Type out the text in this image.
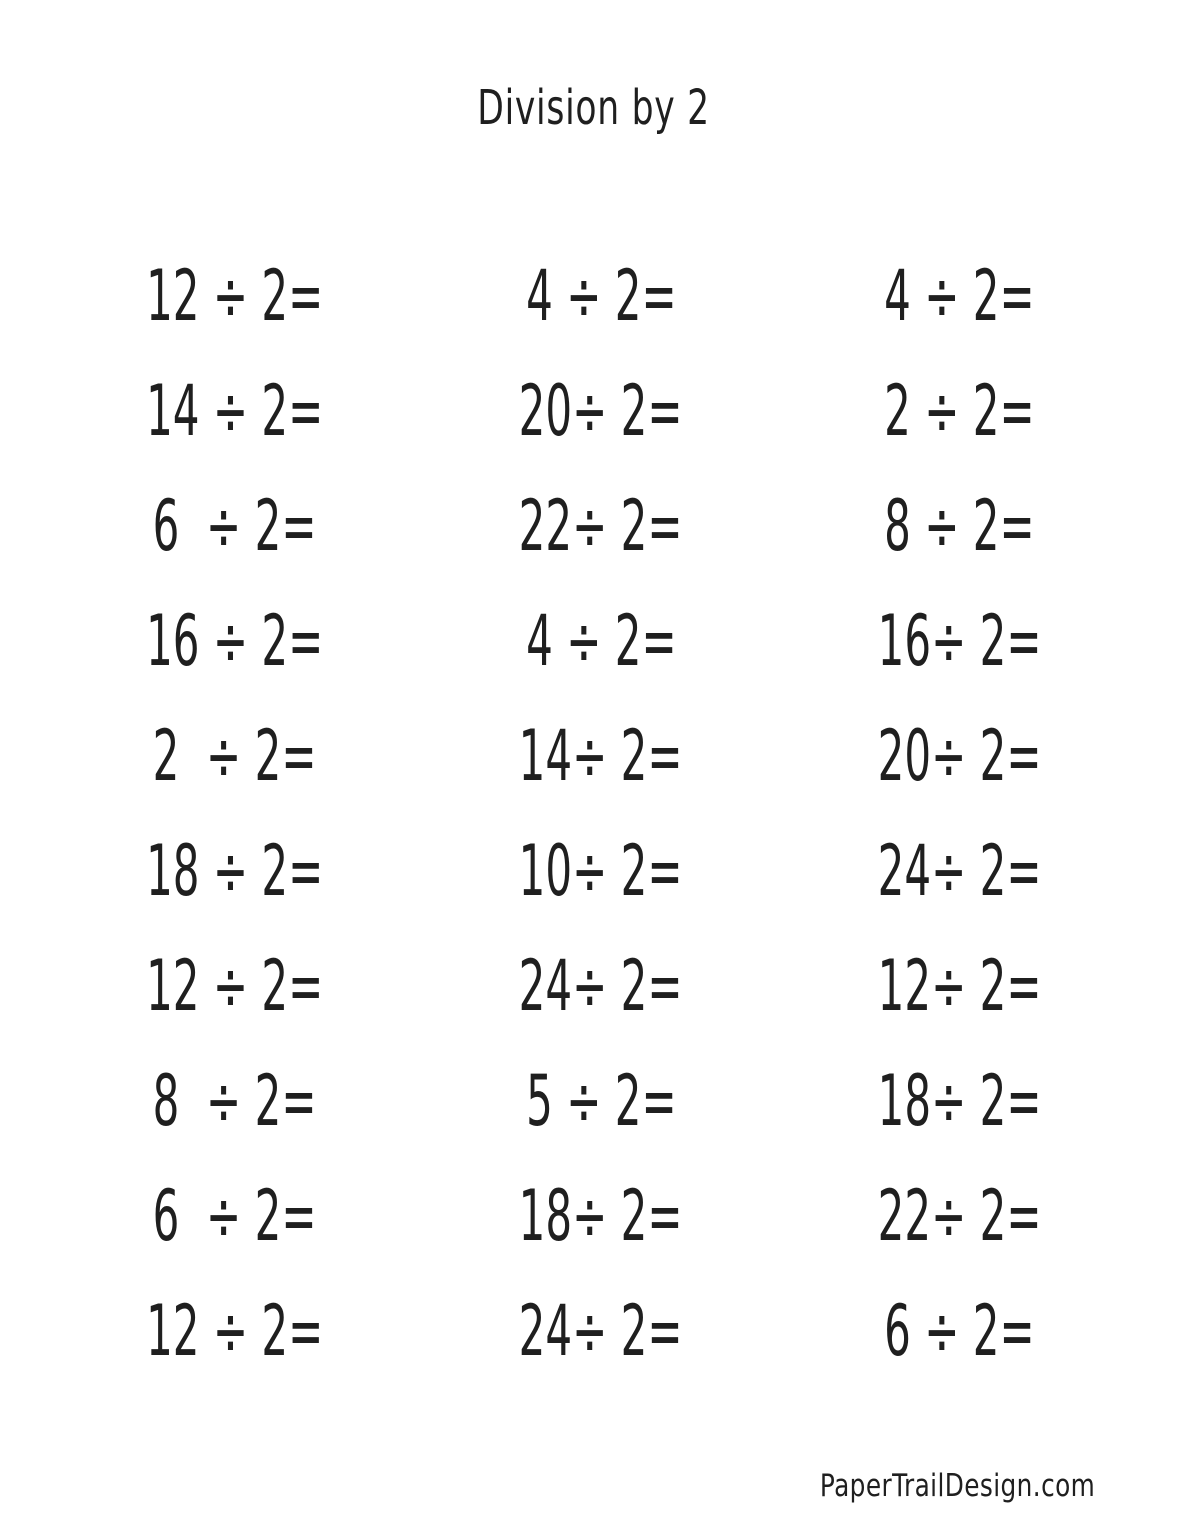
Division by 2
12 ÷ 2=	4 ÷ 2=	4 ÷ 2=
14 ÷ 2=	20÷ 2=	2 ÷ 2=
6  ÷ 2=	22÷ 2=	8 ÷ 2=
16 ÷ 2=	4 ÷ 2=	16÷ 2=
2  ÷ 2=	14÷ 2=	20÷ 2=
18 ÷ 2=	10÷ 2=	24÷ 2=
12 ÷ 2=	24÷ 2=	12÷ 2=
8  ÷ 2=	5 ÷ 2=	18÷ 2=
6  ÷ 2=	18÷ 2=	22÷ 2=
12 ÷ 2=	24÷ 2=	6 ÷ 2=
PaperTrailDesign.com
